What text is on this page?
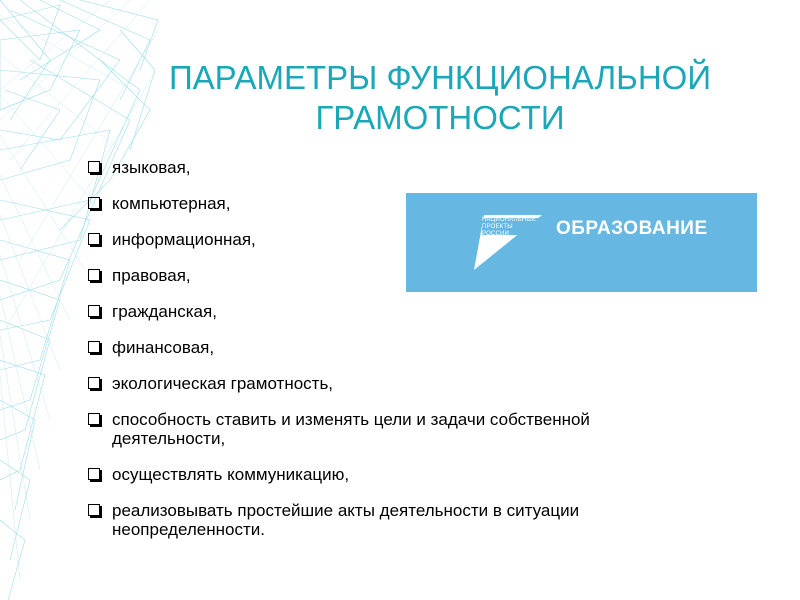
ПАРАМЕТРЫ ФУНКЦИОНАЛЬНОЙ
ГРАМОТНОСТИ
языковая,
компьютерная,
информационная,
правовая,
гражданская,
финансовая,
экологическая грамотность,
способность ставить и изменять цели и задачи собственной деятельности,
осуществлять коммуникацию,
реализовывать простейшие акты деятельности в ситуации неопределенности.
НАЦИОНАЛЬНЫЕ
ПРОЕКТЫ
РОССИИ	ОБРАЗОВАНИЕ
